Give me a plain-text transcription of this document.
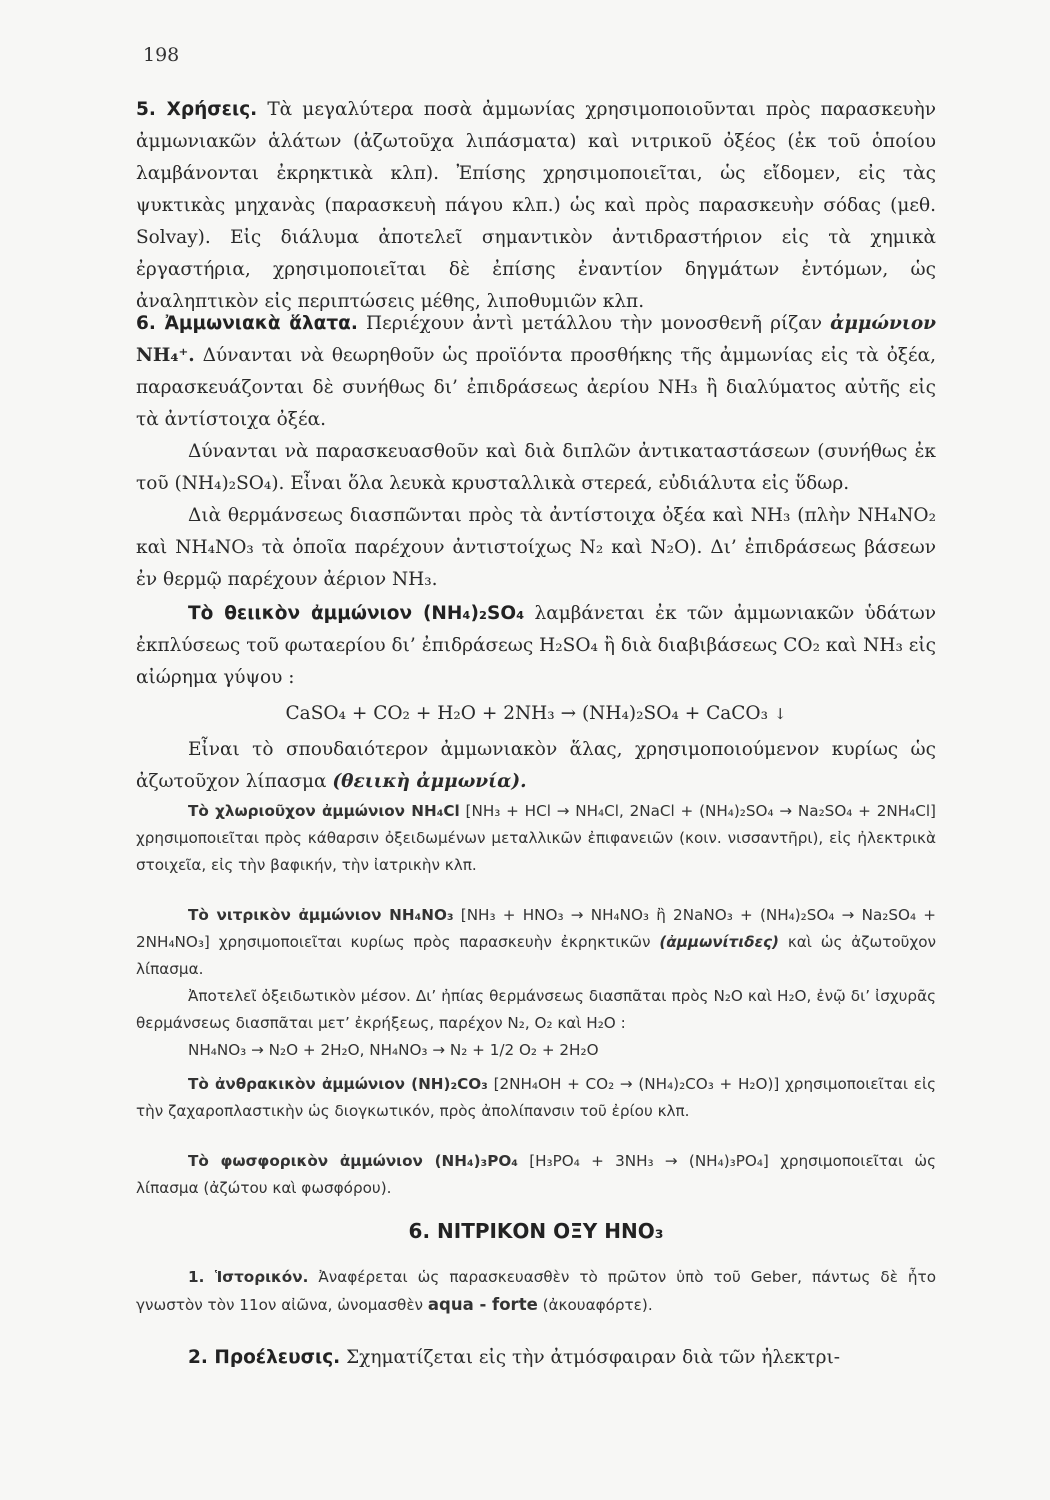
198

5. Χρήσεις. Τὰ μεγαλύτερα ποσὰ ἀμμωνίας χρησιμοποιοῦνται πρὸς παρασκευὴν ἀμμωνιακῶν ἁλάτων (ἀζωτοῦχα λιπάσματα) καὶ νιτρικοῦ ὀξέος (ἐκ τοῦ ὁποίου λαμβάνονται ἐκρηκτικὰ κλπ). Ἐπίσης χρησιμοποιεῖται, ὡς εἴδομεν, εἰς τὰς ψυκτικὰς μηχανὰς (παρασκευὴ πάγου κλπ.) ὡς καὶ πρὸς παρασκευὴν σόδας (μεθ. Solvay). Εἰς διάλυμα ἀποτελεῖ σημαντικὸν ἀντιδραστήριον εἰς τὰ χημικὰ ἐργαστήρια, χρησιμοποιεῖται δὲ ἐπίσης ἐναντίον δηγμάτων ἐντόμων, ὡς ἀναληπτικὸν εἰς περιπτώσεις μέθης, λιποθυμιῶν κλπ.

6. Ἀμμωνιακὰ ἅλατα. Περιέχουν ἀντὶ μετάλλου τὴν μονοσθενῆ ρίζαν ἀμμώνιον NH₄⁺. Δύνανται νὰ θεωρηθοῦν ὡς προϊόντα προσθήκης τῆς ἀμμωνίας εἰς τὰ ὀξέα, παρασκευάζονται δὲ συνήθως δι’ ἐπιδράσεως ἀερίου NH₃ ἢ διαλύματος αὐτῆς εἰς τὰ ἀντίστοιχα ὀξέα.

Δύνανται νὰ παρασκευασθοῦν καὶ διὰ διπλῶν ἀντικαταστάσεων (συνήθως ἐκ τοῦ (NH₄)₂SO₄). Εἶναι ὅλα λευκὰ κρυσταλλικὰ στερεά, εὐδιάλυτα εἰς ὕδωρ.

Διὰ θερμάνσεως διασπῶνται πρὸς τὰ ἀντίστοιχα ὀξέα καὶ NH₃ (πλὴν NH₄NO₂ καὶ NH₄NO₃ τὰ ὁποῖα παρέχουν ἀντιστοίχως N₂ καὶ N₂O). Δι’ ἐπιδράσεως βάσεων ἐν θερμῷ παρέχουν ἀέριον NH₃.

Τὸ θειικὸν ἀμμώνιον (NH₄)₂SO₄ λαμβάνεται ἐκ τῶν ἀμμωνιακῶν ὑδάτων ἐκπλύσεως τοῦ φωταερίου δι’ ἐπιδράσεως H₂SO₄ ἢ διὰ διαβιβάσεως CO₂ καὶ NH₃ εἰς αἰώρημα γύψου :

CaSO₄ + CO₂ + H₂O + 2NH₃ → (NH₄)₂SO₄ + CaCO₃ ↓

Εἶναι τὸ σπουδαιότερον ἀμμωνιακὸν ἅλας, χρησιμοποιούμενον κυρίως ὡς ἀζωτοῦχον λίπασμα (θειικὴ ἀμμωνία).

Τὸ χλωριοῦχον ἀμμώνιον NH₄Cl [NH₃ + HCl → NH₄Cl, 2NaCl + (NH₄)₂SO₄ → Na₂SO₄ + 2NH₄Cl] χρησιμοποιεῖται πρὸς κάθαρσιν ὀξειδωμένων μεταλλικῶν ἐπιφανειῶν (κοιν. νισσαντῆρι), εἰς ἠλεκτρικὰ στοιχεῖα, εἰς τὴν βαφικήν, τὴν ἰατρικὴν κλπ.

Τὸ νιτρικὸν ἀμμώνιον NH₄NO₃ [NH₃ + HNO₃ → NH₄NO₃ ἢ 2NaNO₃ + (NH₄)₂SO₄ → Na₂SO₄ + 2NH₄NO₃] χρησιμοποιεῖται κυρίως πρὸς παρασκευὴν ἐκρηκτικῶν (ἀμμωνίτιδες) καὶ ὡς ἀζωτοῦχον λίπασμα.

Ἀποτελεῖ ὀξειδωτικὸν μέσον. Δι’ ἠπίας θερμάνσεως διασπᾶται πρὸς N₂O καὶ H₂O, ἐνῷ δι’ ἰσχυρᾶς θερμάνσεως διασπᾶται μετ’ ἐκρήξεως, παρέχον N₂, O₂ καὶ H₂O :

NH₄NO₃ → N₂O + 2H₂O, NH₄NO₃ → N₂ + 1/2 O₂ + 2H₂O

Τὸ ἀνθρακικὸν ἀμμώνιον (NH)₂CO₃ [2NH₄OH + CO₂ → (NH₄)₂CO₃ + H₂O)] χρησιμοποιεῖται εἰς τὴν ζαχαροπλαστικὴν ὡς διογκωτικόν, πρὸς ἀπολίπανσιν τοῦ ἐρίου κλπ.

Τὸ φωσφορικὸν ἀμμώνιον (NH₄)₃PO₄ [H₃PO₄ + 3NH₃ → (NH₄)₃PO₄] χρησιμοποιεῖται ὡς λίπασμα (ἀζώτου καὶ φωσφόρου).

6. ΝΙΤΡΙΚΟΝ ΟΞΥ ΗΝΟ₃

1. Ἱστορικόν. Ἀναφέρεται ὡς παρασκευασθὲν τὸ πρῶτον ὑπὸ τοῦ Geber, πάντως δὲ ἦτο γνωστὸν τὸν 11ον αἰῶνα, ὠνομασθὲν aqua - forte (ἀκουαφόρτε).

2. Προέλευσις. Σχηματίζεται εἰς τὴν ἀτμόσφαιραν διὰ τῶν ἠλεκτρι-
